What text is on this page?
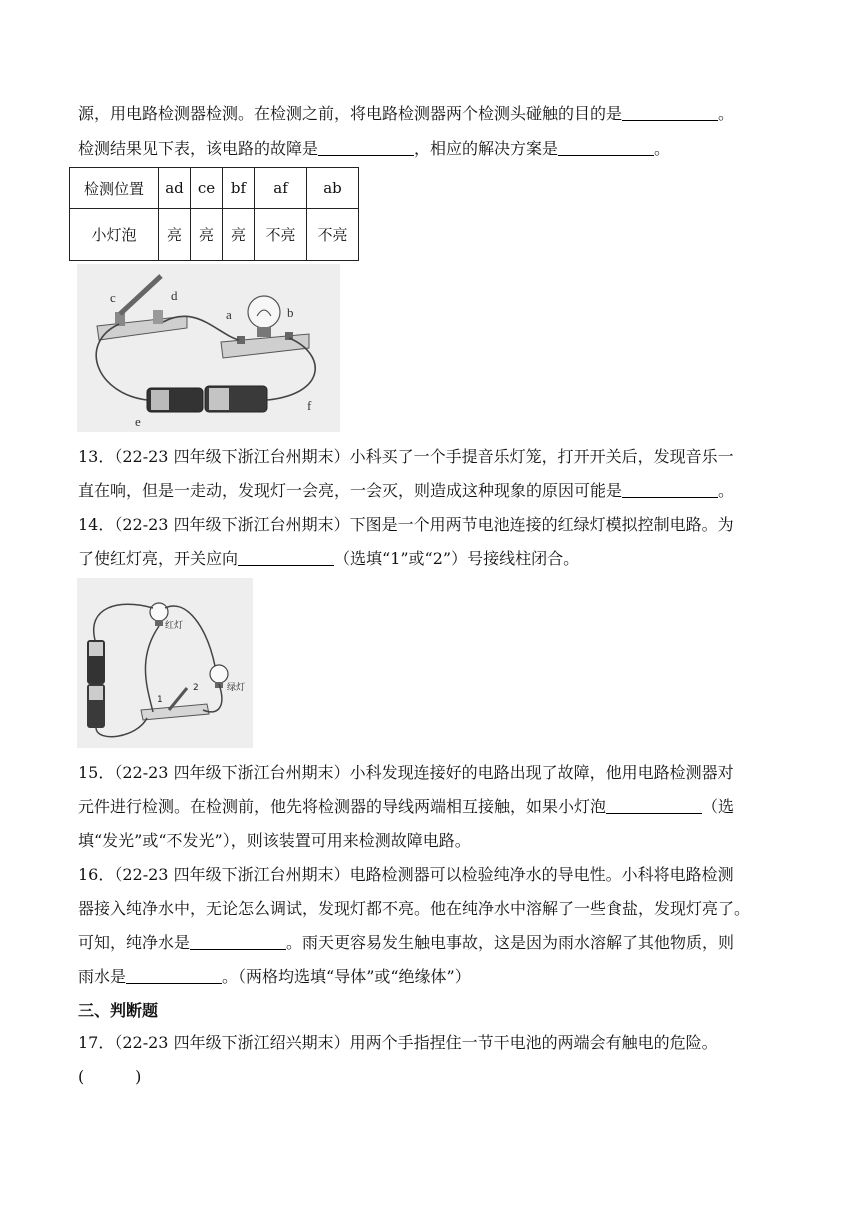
源，用电路检测器检测。在检测之前，将电路检测器两个检测头碰触的目的是	。
检测结果见下表，该电路的故障是	，相应的解决方案是	。
检测位置	ad	ce	bf	af	ab
小灯泡	亮	亮	亮	不亮	不亮
c	d
a	b
e
f
13．（22-23 四年级下浙江台州期末）小科买了一个手提音乐灯笼，打开开关后，发现音乐一
直在响，但是一走动，发现灯一会亮，一会灭，则造成这种现象的原因可能是	。
14．（22-23 四年级下浙江台州期末）下图是一个用两节电池连接的红绿灯模拟控制电路。为
了使红灯亮，开关应向	（选填“1”或“2”）号接线柱闭合。
红灯
绿灯
1
2
15．（22-23 四年级下浙江台州期末）小科发现连接好的电路出现了故障，他用电路检测器对
元件进行检测。在检测前，他先将检测器的导线两端相互接触，如果小灯泡	（选
填“发光”或“不发光”），则该装置可用来检测故障电路。
16．（22-23 四年级下浙江台州期末）电路检测器可以检验纯净水的导电性。小科将电路检测
器接入纯净水中，无论怎么调试，发现灯都不亮。他在纯净水中溶解了一些食盐，发现灯亮了。
可知，纯净水是	。雨天更容易发生触电事故，这是因为雨水溶解了其他物质，则
雨水是	。（两格均选填“导体”或“绝缘体”）
三、判断题
17．（22-23 四年级下浙江绍兴期末）用两个手指捏住一节干电池的两端会有触电的危险。
(          )
